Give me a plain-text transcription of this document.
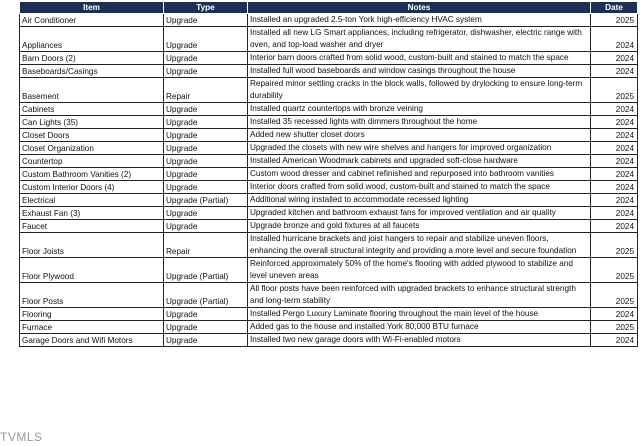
Item	Type	Notes	Date
Air Conditioner	Upgrade	Installed an upgraded 2.5-ton York high-efficiency HVAC system	2025
Appliances	Upgrade	Installed all new LG Smart appliances, including refrigerator, dishwasher, electric range with oven, and top-load washer and dryer	2024
Barn Doors (2)	Upgrade	Interior barn doors crafted from solid wood, custom-built and stained to match the space	2024
Baseboards/Casings	Upgrade	Installed full wood baseboards and window casings throughout the house	2024
Basement	Repair	Repaired minor settling cracks in the block walls, followed by drylocking to ensure long-term durability	2025
Cabinets	Upgrade	Installed quartz countertops with bronze veining	2024
Can Lights (35)	Upgrade	Installed 35 recessed lights with dimmers throughout the home	2024
Closet Doors	Upgrade	Added new shutter closet doors	2024
Closet Organization	Upgrade	Upgraded the closets with new wire shelves and hangers for improved organization	2024
Countertop	Upgrade	Installed American Woodmark cabinets and upgraded soft-close hardware	2024
Custom Bathroom Vanities (2)	Upgrade	Custom wood dresser and cabinet refinished and repurposed into bathroom vanities	2024
Custom Interior Doors (4)	Upgrade	Interior doors crafted from solid wood, custom-built and stained to match the space	2024
Electrical	Upgrade (Partial)	Additional wiring installed to accommodate recessed lighting	2024
Exhaust Fan (3)	Upgrade	Upgraded kitchen and bathroom exhaust fans for improved ventilation and air quality	2024
Faucet	Upgrade	Upgrade bronze and gold fixtures at all faucets	2024
Floor Joists	Repair	Installed hurricane brackets and joist hangers to repair and stabilize uneven floors, enhancing the overall structural integrity and providing a more level and secure foundation	2025
Floor Plywood	Upgrade (Partial)	Reinforced approximately 50% of the home's flooring with added plywood to stabilize and level uneven areas	2025
Floor Posts	Upgrade (Partial)	All floor posts have been reinforced with upgraded brackets to enhance structural strength and long-term stability	2025
Flooring	Upgrade	Installed Pergo Luxury Laminate flooring throughout the main level of the house	2024
Furnace	Upgrade	Added gas to the house and installed York 80,000 BTU furnace	2025
Garage Doors and Wifi Motors	Upgrade	Installed two new garage doors with Wi-Fi-enabled motors	2024
TVMLS
